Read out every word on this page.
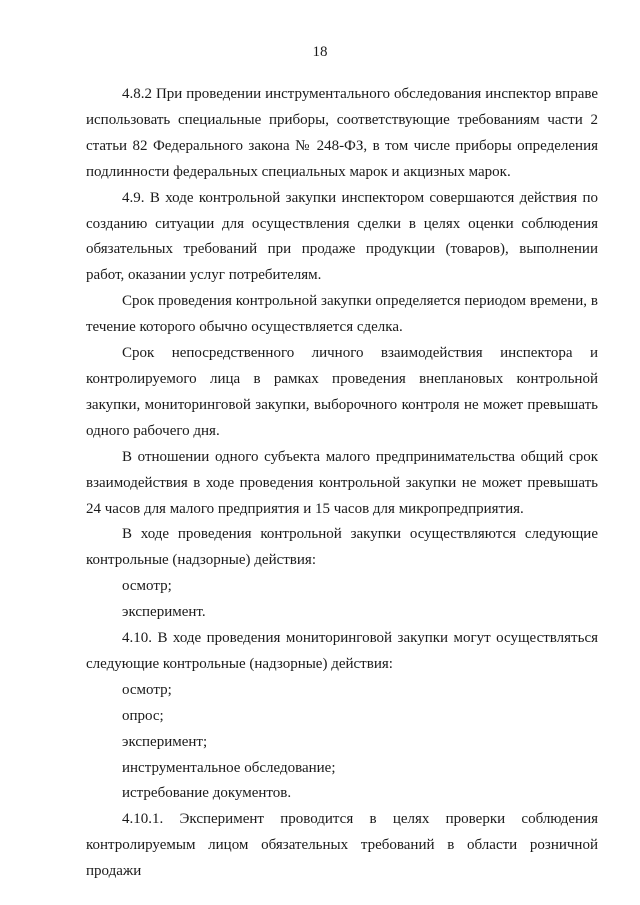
18

4.8.2 При проведении инструментального обследования инспектор вправе использовать специальные приборы, соответствующие требованиям части 2 статьи 82 Федерального закона № 248-ФЗ, в том числе приборы определения подлинности федеральных специальных марок и акцизных марок.

4.9. В ходе контрольной закупки инспектором совершаются действия по созданию ситуации для осуществления сделки в целях оценки соблюдения обязательных требований при продаже продукции (товаров), выполнении работ, оказании услуг потребителям.

Срок проведения контрольной закупки определяется периодом времени, в течение которого обычно осуществляется сделка.

Срок непосредственного личного взаимодействия инспектора и контролируемого лица в рамках проведения внеплановых контрольной закупки, мониторинговой закупки, выборочного контроля не может превышать одного рабочего дня.

В отношении одного субъекта малого предпринимательства общий срок взаимодействия в ходе проведения контрольной закупки не может превышать 24 часов для малого предприятия и 15 часов для микропредприятия.

В ходе проведения контрольной закупки осуществляются следующие контрольные (надзорные) действия:

осмотр;

эксперимент.

4.10. В ходе проведения мониторинговой закупки могут осуществляться следующие контрольные (надзорные) действия:

осмотр;

опрос;

эксперимент;

инструментальное обследование;

истребование документов.

4.10.1. Эксперимент проводится в целях проверки соблюдения контролируемым лицом обязательных требований в области розничной продажи
